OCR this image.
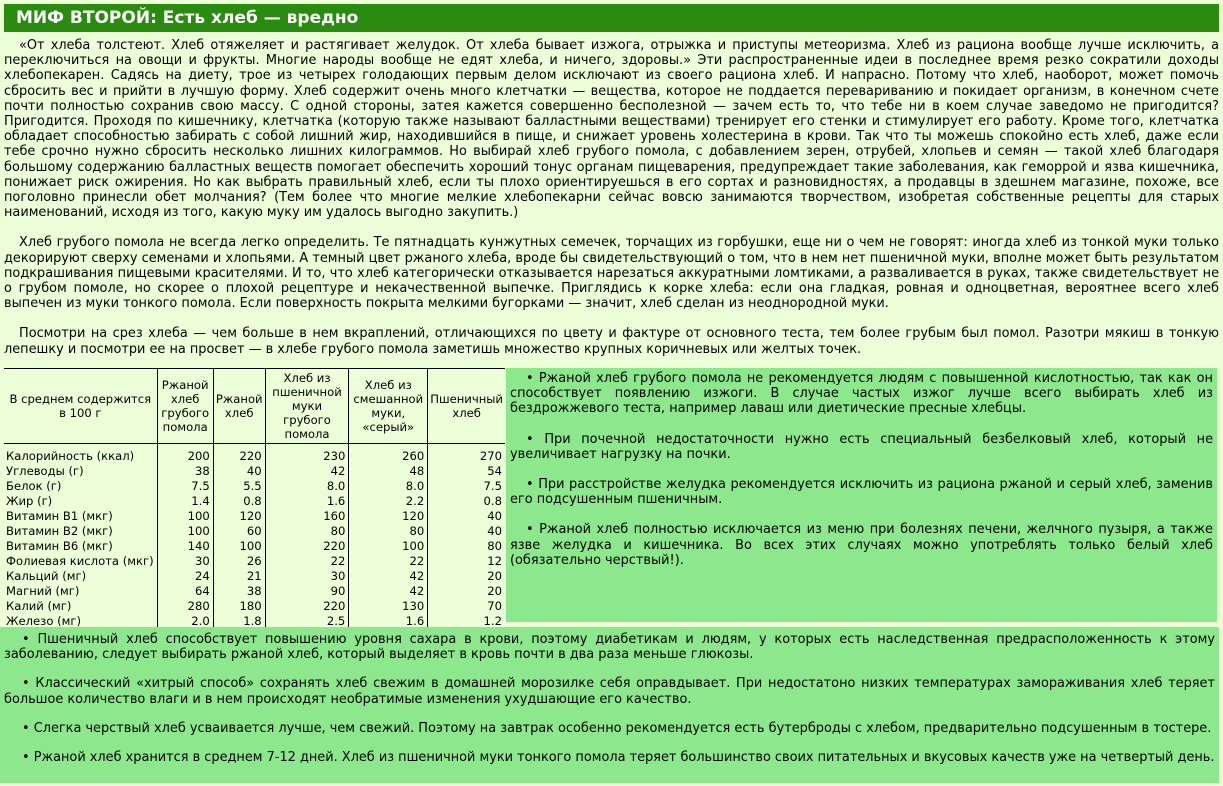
МИФ ВТОРОЙ: Есть хлеб — вредно

«От хлеба толстеют. Хлеб отяжеляет и растягивает желудок. От хлеба бывает изжога, отрыжка и приступы метеоризма. Хлеб из рациона вообще лучше исключить, а переключиться на овощи и фрукты. Многие народы вообще не едят хлеба, и ничего, здоровы.» Эти распространенные идеи в последнее время резко сократили доходы хлебопекарен. Садясь на диету, трое из четырех голодающих первым делом исключают из своего рациона хлеб. И напрасно. Потому что хлеб, наоборот, может помочь сбросить вес и прийти в лучшую форму. Хлеб содержит очень много клетчатки — вещества, которое не поддается перевариванию и покидает организм, в конечном счете почти полностью сохранив свою массу. С одной стороны, затея кажется совершенно бесполезной — зачем есть то, что тебе ни в коем случае заведомо не пригодится? Пригодится. Проходя по кишечнику, клетчатка (которую также называют балластными веществами) тренирует его стенки и стимулирует его работу. Кроме того, клетчатка обладает способностью забирать с собой лишний жир, находившийся в пище, и снижает уровень холестерина в крови. Так что ты можешь спокойно есть хлеб, даже если тебе срочно нужно сбросить несколько лишних килограммов. Но выбирай хлеб грубого помола, с добавлением зерен, отрубей, хлопьев и семян — такой хлеб благодаря большому содержанию балластных веществ помогает обеспечить хороший тонус органам пищеварения, предупреждает такие заболевания, как геморрой и язва кишечника, понижает риск ожирения. Но как выбрать правильный хлеб, если ты плохо ориентируешься в его сортах и разновидностях, а продавцы в здешнем магазине, похоже, все поголовно принесли обет молчания? (Тем более что многие мелкие хлебопекарни сейчас вовсю занимаются творчеством, изобретая собственные рецепты для старых наименований, исходя из того, какую муку им удалось выгодно закупить.)

Хлеб грубого помола не всегда легко определить. Те пятнадцать кунжутных семечек, торчащих из горбушки, еще ни о чем не говорят: иногда хлеб из тонкой муки только декорируют сверху семенами и хлопьями. А темный цвет ржаного хлеба, вроде бы свидетельствующий о том, что в нем нет пшеничной муки, вполне может быть результатом подкрашивания пищевыми красителями. И то, что хлеб категорически отказывается нарезаться аккуратными ломтиками, а разваливается в руках, также свидетельствует не о грубом помоле, но скорее о плохой рецептуре и некачественной выпечке. Приглядись к корке хлеба: если она гладкая, ровная и одноцветная, вероятнее всего хлеб выпечен из муки тонкого помола. Если поверхность покрыта мелкими бугорками — значит, хлеб сделан из неоднородной муки.

Посмотри на срез хлеба — чем больше в нем вкраплений, отличающихся по цвету и фактуре от основного теста, тем более грубым был помол. Разотри мякиш в тонкую лепешку и посмотри ее на просвет — в хлебе грубого помола заметишь множество крупных коричневых или желтых точек.

В среднем содержится в 100 г	Ржаной хлеб грубого помола	Ржаной хлеб	Хлеб из пшеничной муки грубого помола	Хлеб из смешанной муки, «серый»	Пшеничный хлеб
Калорийность (ккал)	200	220	230	260	270
Углеводы (г)	38	40	42	48	54
Белок (г)	7.5	5.5	8.0	8.0	7.5
Жир (г)	1.4	0.8	1.6	2.2	0.8
Витамин В1 (мкг)	100	120	160	120	40
Витамин В2 (мкг)	100	60	80	80	40
Витамин В6 (мкг)	140	100	220	100	80
Фолиевая кислота (мкг)	30	26	22	22	12
Кальций (мг)	24	21	30	42	20
Магний (мг)	64	38	90	42	20
Калий (мг)	280	180	220	130	70
Железо (мг)	2.0	1.8	2.5	1.6	1.2

• Ржаной хлеб грубого помола не рекомендуется людям с повышенной кислотностью, так как он способствует появлению изжоги. В случае частых изжог лучше всего выбирать хлеб из бездрожжевого теста, например лаваш или диетические пресные хлебцы.

• При почечной недостаточности нужно есть специальный безбелковый хлеб, который не увеличивает нагрузку на почки.

• При расстройстве желудка рекомендуется исключить из рациона ржаной и серый хлеб, заменив его подсушенным пшеничным.

• Ржаной хлеб полностью исключается из меню при болезнях печени, желчного пузыря, а также язве желудка и кишечника. Во всех этих случаях можно употреблять только белый хлеб (обязательно черствый!).

• Пшеничный хлеб способствует повышению уровня сахара в крови, поэтому диабетикам и людям, у которых есть наследственная предрасположенность к этому заболеванию, следует выбирать ржаной хлеб, который выделяет в кровь почти в два раза меньше глюкозы.

• Классический «хитрый способ» сохранять хлеб свежим в домашней морозилке себя оправдывает. При недостатоно низких температурах замораживания хлеб теряет большое количество влаги и в нем происходят необратимые изменения ухудшающие его качество.

• Слегка черствый хлеб усваивается лучше, чем свежий. Поэтому на завтрак особенно рекомендуется есть бутерброды с хлебом, предварительно подсушенным в тостере.

• Ржаной хлеб хранится в среднем 7-12 дней. Хлеб из пшеничной муки тонкого помола теряет большинство своих питательных и вкусовых качеств уже на четвертый день.
